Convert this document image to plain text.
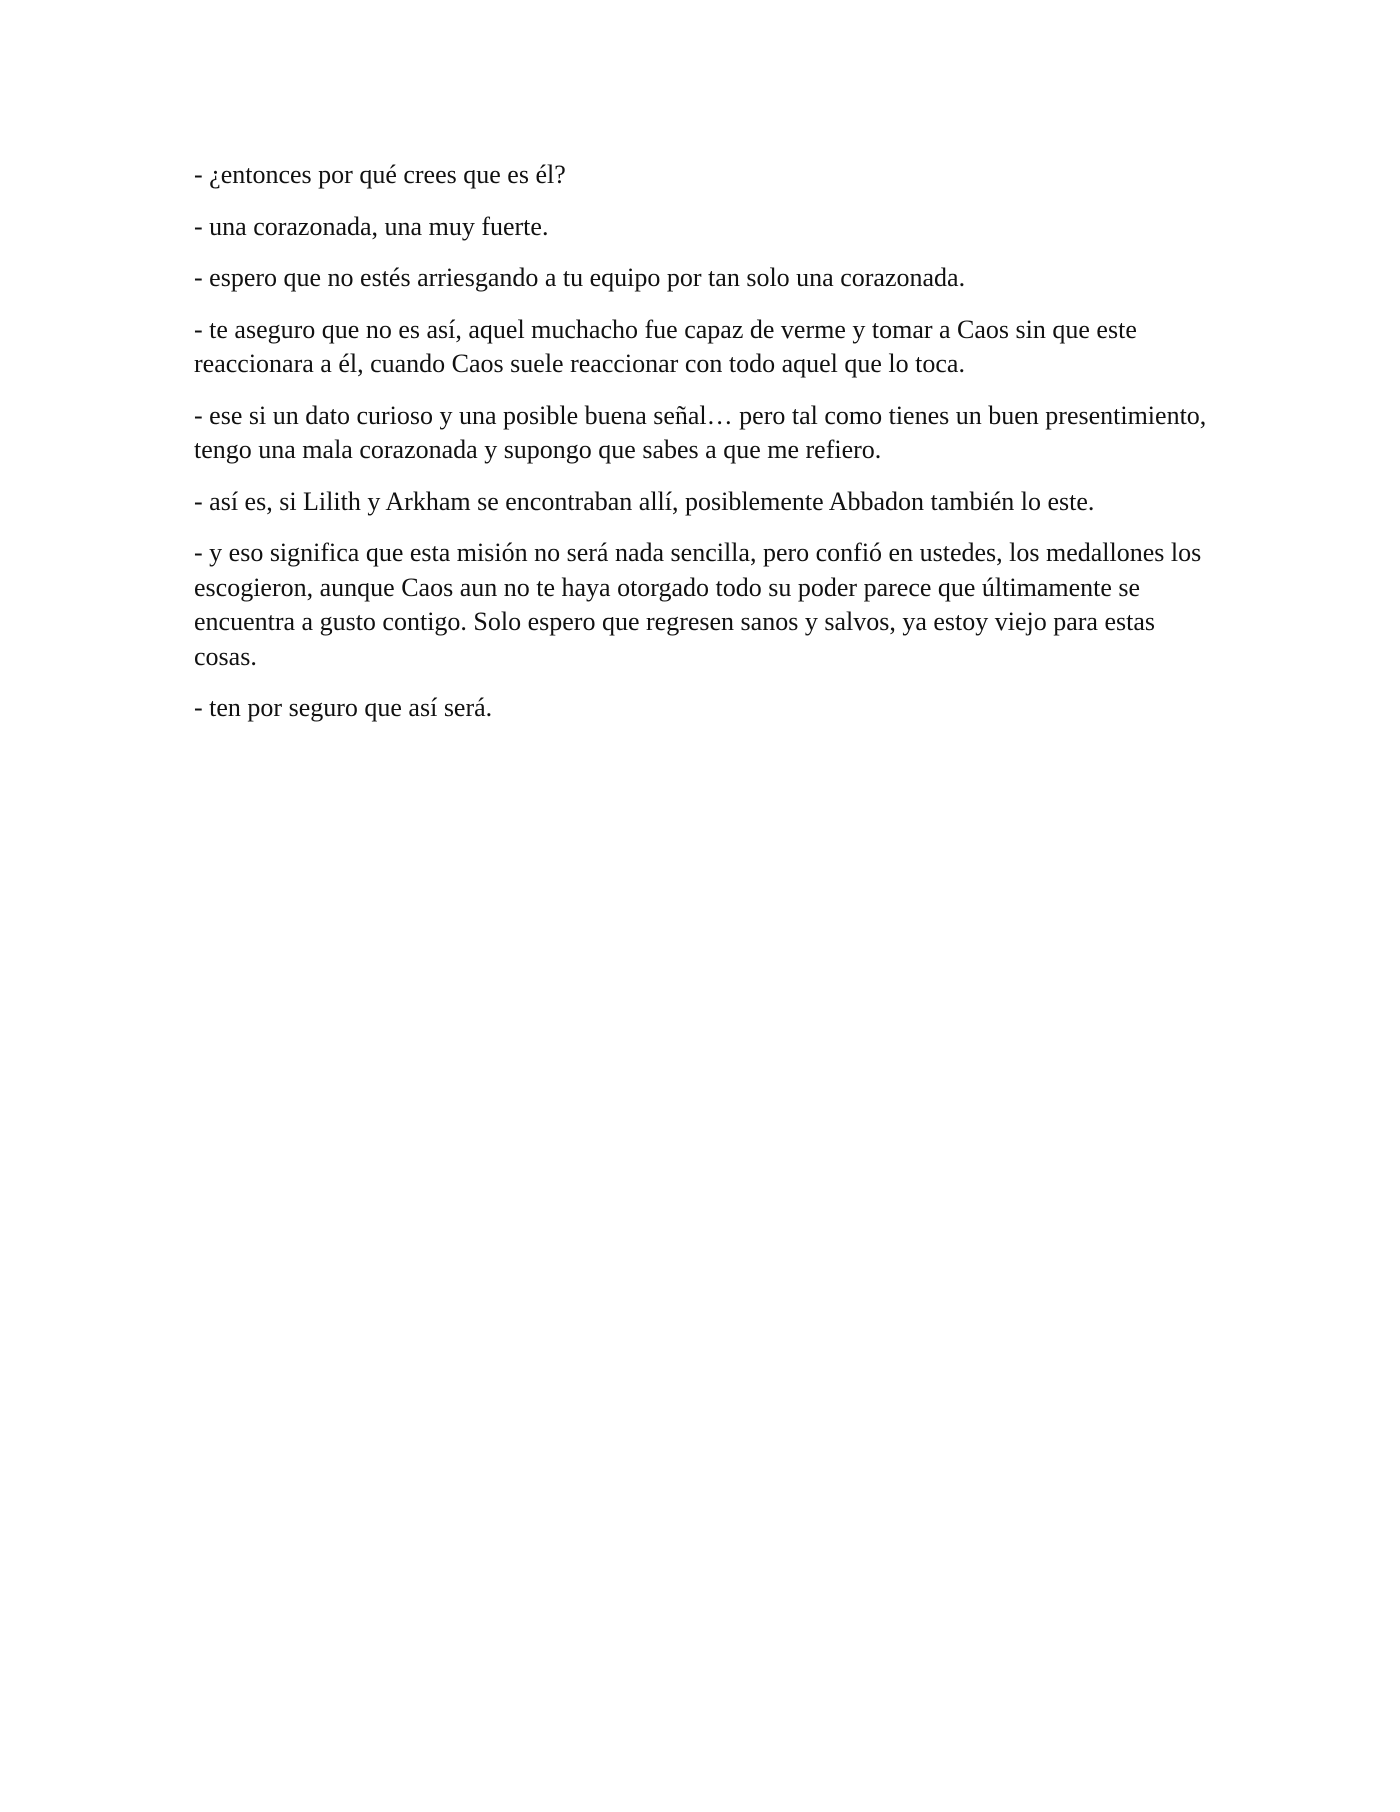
- ¿entonces por qué crees que es él?

- una corazonada, una muy fuerte.

- espero que no estés arriesgando a tu equipo por tan solo una corazonada.

- te aseguro que no es así, aquel muchacho fue capaz de verme y tomar a Caos sin que este reaccionara a él, cuando Caos suele reaccionar con todo aquel que lo toca.

- ese si un dato curioso y una posible buena señal… pero tal como tienes un buen presentimiento, tengo una mala corazonada y supongo que sabes a que me refiero.

- así es, si Lilith y Arkham se encontraban allí, posiblemente Abbadon también lo este.

- y eso significa que esta misión no será nada sencilla, pero confió en ustedes, los medallones los escogieron, aunque Caos aun no te haya otorgado todo su poder parece que últimamente se encuentra a gusto contigo. Solo espero que regresen sanos y salvos, ya estoy viejo para estas cosas.

- ten por seguro que así será.
